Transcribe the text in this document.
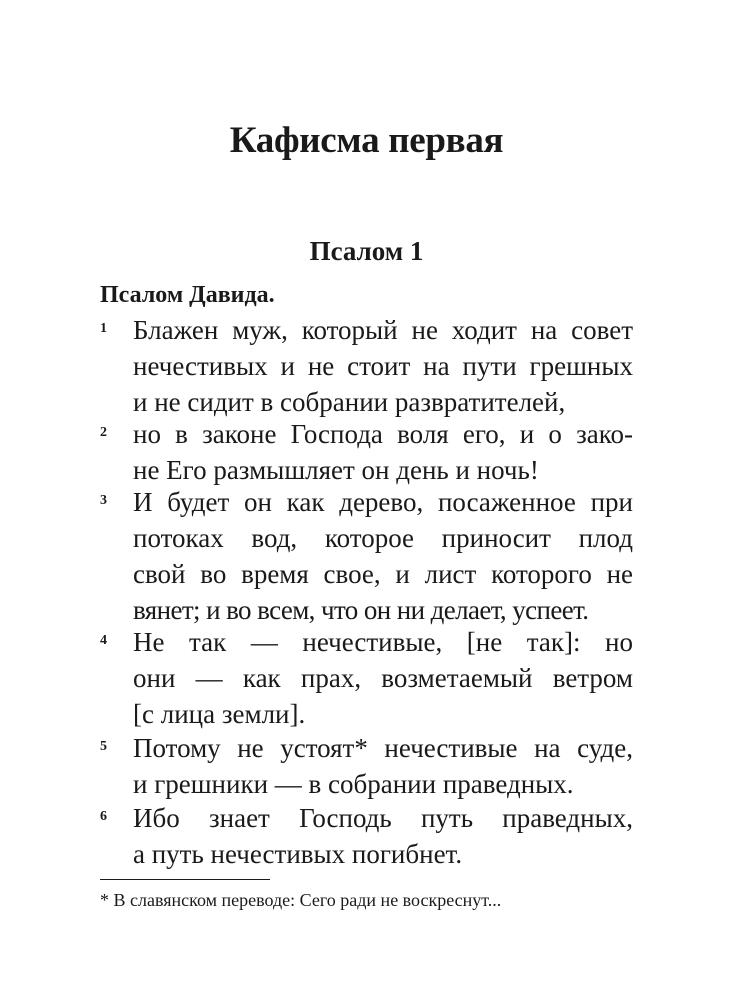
Кафисма первая
Псалом 1

Псалом Давида.

1 Блажен муж, который не ходит на совет
нечестивых и не стоит на пути грешных
и не сидит в собрании развратителей,
2 но в законе Господа воля его, и о зако-
не Его размышляет он день и ночь!
3 И будет он как дерево, посаженное при
потоках вод, которое приносит плод
свой во время свое, и лист которого не
вянет; и во всем, что он ни делает, успеет.
4 Не так — нечестивые, [не так]: но
они — как прах, возметаемый ветром
[с лица земли].
5 Потому не устоят* нечестивые на суде,
и грешники — в собрании праведных.
6 Ибо знает Господь путь праведных,
а путь нечестивых погибнет.

* В славянском переводе: Сего ради не воскреснут...
